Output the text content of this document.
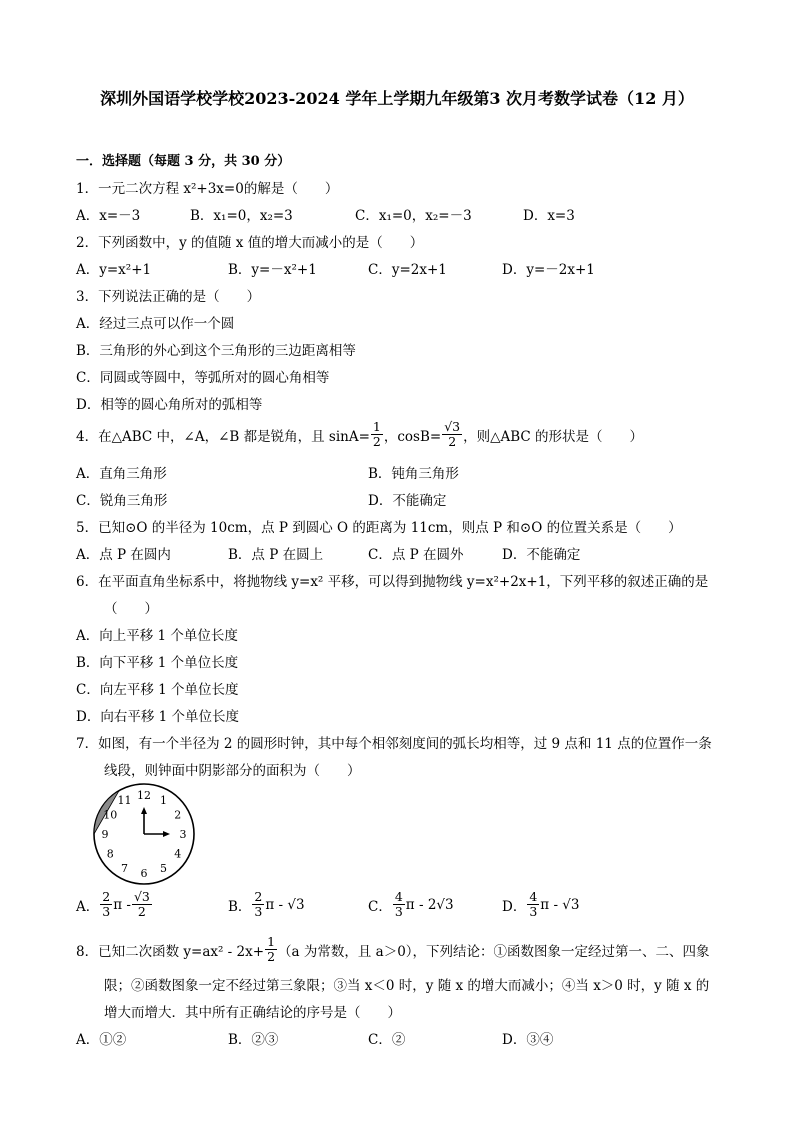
深圳外国语学校学校2023-2024 学年上学期九年级第3 次月考数学试卷（12 月）
一．选择题（每题 3 分，共 30 分）
1．一元二次方程 x²+3x=0的解是（　　）
A．x=－3	B．x₁=0，x₂=3	C．x₁=0，x₂=－3	D．x=3
2．下列函数中，y 的值随 x 值的增大而减小的是（　　）
A．y=x²+1	B．y=－x²+1	C．y=2x+1	D．y=－2x+1
3．下列说法正确的是（　　）
A．经过三点可以作一个圆
B．三角形的外心到这个三角形的三边距离相等
C．同圆或等圆中，等弧所对的圆心角相等
D．相等的圆心角所对的弧相等
4．在△ABC 中，∠A，∠B 都是锐角，且 $\sin A= \frac{1}{2}$ ，$\cos B= \frac{√3}{2}$ ，则△ABC 的形状是（　　）
A．直角三角形	B．钝角三角形
C．锐角三角形	D．不能确定
5．已知⊙O 的半径为 10cm，点 P 到圆心 O 的距离为 11cm，则点 P 和⊙O 的位置关系是（　　）
A．点 P 在圆内	B．点 P 在圆上	C．点 P 在圆外	D．不能确定
6．在平面直角坐标系中，将抛物线 y=x² 平移，可以得到抛物线 y=x²+2x+1，下列平移的叙述正确的是
（　　）
A．向上平移 1 个单位长度
B．向下平移 1 个单位长度
C．向左平移 1 个单位长度
D．向右平移 1 个单位长度
7．如图，有一个半径为 2 的圆形时钟，其中每个相邻刻度间的弧长均相等，过 9 点和 11 点的位置作一条
线段，则钟面中阴影部分的面积为（　　）
12 1
2
3
4
5
6
7
8
9
10
11
A． $\frac{2}{3}$ π - $\frac{√3}{2}$	B． $\frac{2}{3}$ π - √3	C． $\frac{4}{3}$ π - 2√3	D． $\frac{4}{3}$ π - √3
8．已知二次函数 $y=ax^2 - 2x+ \frac{1}{2} (a$ 为常数，且 a＞0），下列结论：①函数图象一定经过第一、二、四象
限；②函数图象一定不经过第三象限；③当 x＜0 时，y 随 x 的增大而减小；④当 x＞0 时，y 随 x 的
增大而增大．其中所有正确结论的序号是（　　）
A．①②	B．②③	C．②	D．③④
